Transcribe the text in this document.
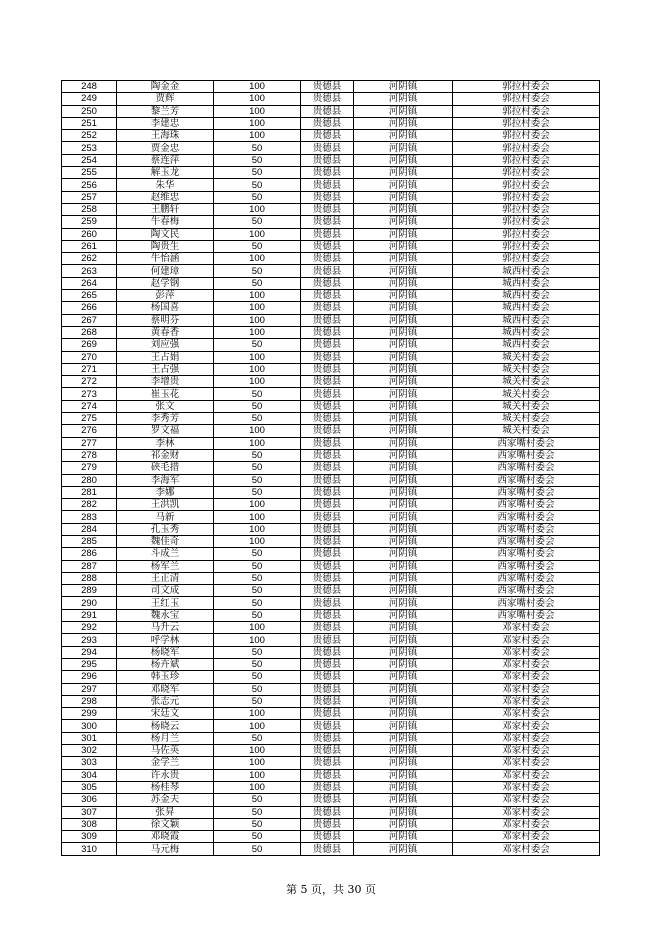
248	陶金金	100	贵德县	河阴镇	郭拉村委会
249	贾辉	100	贵德县	河阴镇	郭拉村委会
250	黎兰芳	100	贵德县	河阴镇	郭拉村委会
251	李建忠	100	贵德县	河阴镇	郭拉村委会
252	王海珠	100	贵德县	河阴镇	郭拉村委会
253	贾金忠	50	贵德县	河阴镇	郭拉村委会
254	蔡连萍	50	贵德县	河阴镇	郭拉村委会
255	解玉龙	50	贵德县	河阴镇	郭拉村委会
256	朱华	50	贵德县	河阴镇	郭拉村委会
257	赵维忠	50	贵德县	河阴镇	郭拉村委会
258	王鹏轩	100	贵德县	河阴镇	郭拉村委会
259	牛春梅	50	贵德县	河阴镇	郭拉村委会
260	陶文民	100	贵德县	河阴镇	郭拉村委会
261	陶贵生	50	贵德县	河阴镇	郭拉村委会
262	牛怡涵	100	贵德县	河阴镇	郭拉村委会
263	何建璋	50	贵德县	河阴镇	城西村委会
264	赵学钢	50	贵德县	河阴镇	城西村委会
265	彭萍	100	贵德县	河阴镇	城西村委会
266	杨国喜	100	贵德县	河阴镇	城西村委会
267	蔡明芬	100	贵德县	河阴镇	城西村委会
268	黄春香	100	贵德县	河阴镇	城西村委会
269	刘应强	50	贵德县	河阴镇	城西村委会
270	王占娟	100	贵德县	河阴镇	城关村委会
271	王占强	100	贵德县	河阴镇	城关村委会
272	李增贵	100	贵德县	河阴镇	城关村委会
273	崔玉花	50	贵德县	河阴镇	城关村委会
274	张文	50	贵德县	河阴镇	城关村委会
275	李秀芳	50	贵德县	河阴镇	城关村委会
276	罗文福	100	贵德县	河阴镇	城关村委会
277	李林	100	贵德县	河阴镇	西家嘴村委会
278	祁金财	50	贵德县	河阴镇	西家嘴村委会
279	硖毛措	50	贵德县	河阴镇	西家嘴村委会
280	李海军	50	贵德县	河阴镇	西家嘴村委会
281	李娜	50	贵德县	河阴镇	西家嘴村委会
282	王洪凯	100	贵德县	河阴镇	西家嘴村委会
283	马新	100	贵德县	河阴镇	西家嘴村委会
284	孔玉秀	100	贵德县	河阴镇	西家嘴村委会
285	魏佳奇	100	贵德县	河阴镇	西家嘴村委会
286	斗成兰	50	贵德县	河阴镇	西家嘴村委会
287	杨军兰	50	贵德县	河阴镇	西家嘴村委会
288	王正清	50	贵德县	河阴镇	西家嘴村委会
289	司文成	50	贵德县	河阴镇	西家嘴村委会
290	王红玉	50	贵德县	河阴镇	西家嘴村委会
291	魏永宝	50	贵德县	河阴镇	西家嘴村委会
292	马升云	100	贵德县	河阴镇	邓家村委会
293	呼学林	100	贵德县	河阴镇	邓家村委会
294	杨晓军	50	贵德县	河阴镇	邓家村委会
295	杨卉斌	50	贵德县	河阴镇	邓家村委会
296	韩玉珍	50	贵德县	河阴镇	邓家村委会
297	邓晓军	50	贵德县	河阴镇	邓家村委会
298	张志元	50	贵德县	河阴镇	邓家村委会
299	宋廷文	100	贵德县	河阴镇	邓家村委会
300	杨晓云	100	贵德县	河阴镇	邓家村委会
301	杨月兰	50	贵德县	河阴镇	邓家村委会
302	马佐英	100	贵德县	河阴镇	邓家村委会
303	金学兰	100	贵德县	河阴镇	邓家村委会
304	许永贵	100	贵德县	河阴镇	邓家村委会
305	杨桂琴	100	贵德县	河阴镇	邓家村委会
306	苏金夫	50	贵德县	河阴镇	邓家村委会
307	张昇	50	贵德县	河阴镇	邓家村委会
308	徐文颖	50	贵德县	河阴镇	邓家村委会
309	邓晓霞	50	贵德县	河阴镇	邓家村委会
310	马元梅	50	贵德县	河阴镇	邓家村委会
第 5 页，共 30 页
